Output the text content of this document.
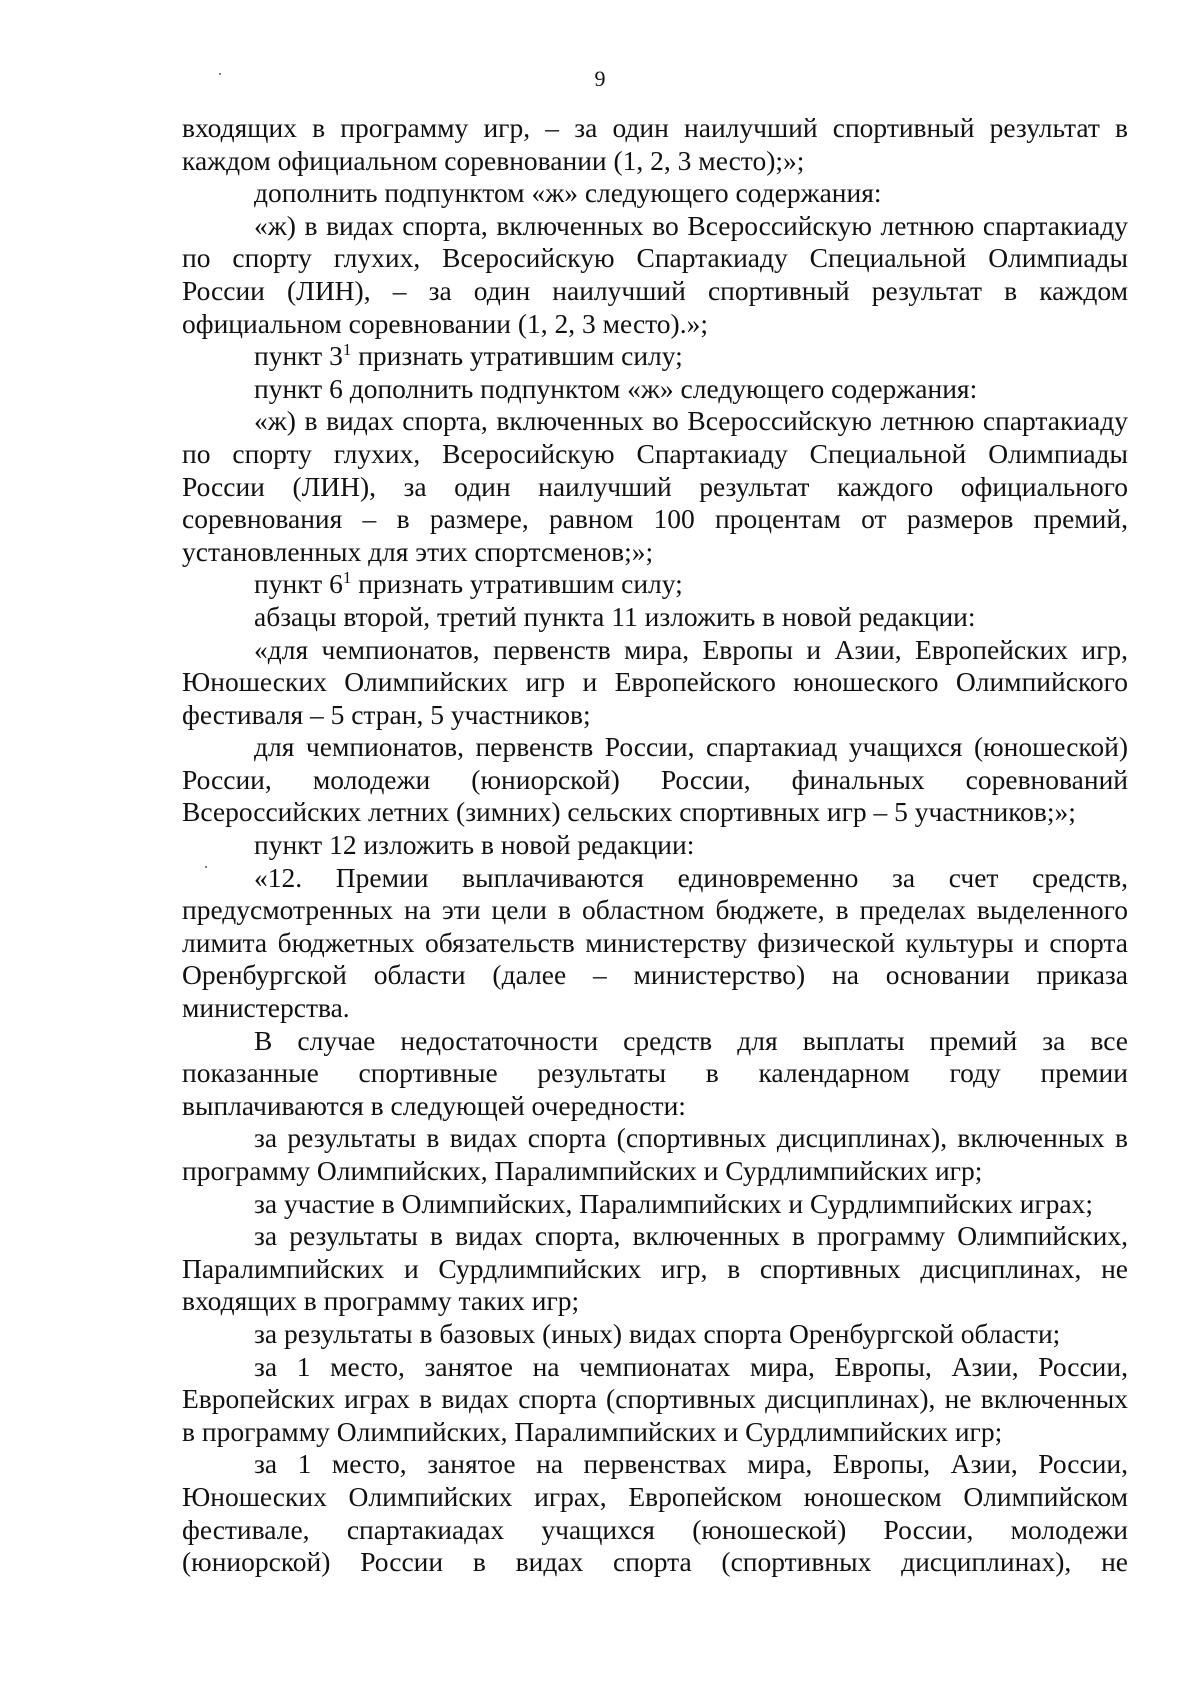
9
входящих в программу игр, – за один наилучший спортивный результат в
каждом официальном соревновании (1, 2, 3 место);»;
дополнить подпунктом «ж» следующего содержания:
«ж) в видах спорта, включенных во Всероссийскую летнюю спартакиаду
по спорту глухих, Всеросийскую Спартакиаду Специальной Олимпиады
России (ЛИН), – за один наилучший спортивный результат в каждом
официальном соревновании (1, 2, 3 место).»;
пункт $3^1$ признать утратившим силу;
пункт 6 дополнить подпунктом «ж» следующего содержания:
«ж) в видах спорта, включенных во Всероссийскую летнюю спартакиаду
по спорту глухих, Всеросийскую Спартакиаду Специальной Олимпиады
России (ЛИН), за один наилучший результат каждого официального
соревнования – в размере, равном 100 процентам от размеров премий,
установленных для этих спортсменов;»;
пункт $6^1$ признать утратившим силу;
абзацы второй, третий пункта 11 изложить в новой редакции:
«для чемпионатов, первенств мира, Европы и Азии, Европейских игр,
Юношеских Олимпийских игр и Европейского юношеского Олимпийского
фестиваля – 5 стран, 5 участников;
для чемпионатов, первенств России, спартакиад учащихся (юношеской)
России, молодежи (юниорской) России, финальных соревнований
Всероссийских летних (зимних) сельских спортивных игр – 5 участников;»;
пункт 12 изложить в новой редакции:
«12. Премии выплачиваются единовременно за счет средств,
предусмотренных на эти цели в областном бюджете, в пределах выделенного
лимита бюджетных обязательств министерству физической культуры и спорта
Оренбургской области (далее – министерство) на основании приказа
министерства.
В случае недостаточности средств для выплаты премий за все
показанные спортивные результаты в календарном году премии
выплачиваются в следующей очередности:
за результаты в видах спорта (спортивных дисциплинах), включенных в
программу Олимпийских, Паралимпийских и Сурдлимпийских игр;
за участие в Олимпийских, Паралимпийских и Сурдлимпийских играх;
за результаты в видах спорта, включенных в программу Олимпийских,
Паралимпийских и Сурдлимпийских игр, в спортивных дисциплинах, не
входящих в программу таких игр;
за результаты в базовых (иных) видах спорта Оренбургской области;
за 1 место, занятое на чемпионатах мира, Европы, Азии, России,
Европейских играх в видах спорта (спортивных дисциплинах), не включенных
в программу Олимпийских, Паралимпийских и Сурдлимпийских игр;
за 1 место, занятое на первенствах мира, Европы, Азии, России,
Юношеских Олимпийских играх, Европейском юношеском Олимпийском
фестивале, спартакиадах учащихся (юношеской) России, молодежи
(юниорской) России в видах спорта (спортивных дисциплинах), не
